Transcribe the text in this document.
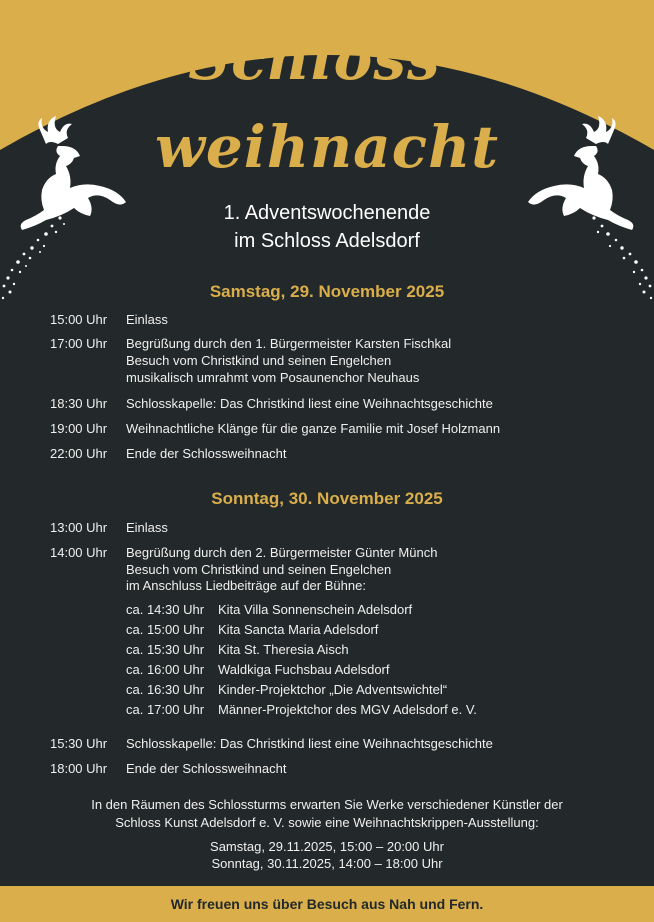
Schloss-
weihnacht
1. Adventswochenende
im Schloss Adelsdorf
Samstag, 29. November 2025
15:00 Uhr	Einlass
17:00 Uhr	Begrüßung durch den 1. Bürgermeister Karsten Fischkal
Besuch vom Christkind und seinen Engelchen
musikalisch umrahmt vom Posaunenchor Neuhaus
18:30 Uhr	Schlosskapelle: Das Christkind liest eine Weihnachtsgeschichte
19:00 Uhr	Weihnachtliche Klänge für die ganze Familie mit Josef Holzmann
22:00 Uhr	Ende der Schlossweihnacht
Sonntag, 30. November 2025
13:00 Uhr	Einlass
14:00 Uhr	Begrüßung durch den 2. Bürgermeister Günter Münch
Besuch vom Christkind und seinen Engelchen
im Anschluss Liedbeiträge auf der Bühne:
ca. 14:30 Uhr Kita Villa Sonnenschein Adelsdorf
ca. 15:00 Uhr Kita Sancta Maria Adelsdorf
ca. 15:30 Uhr Kita St. Theresia Aisch
ca. 16:00 Uhr Waldkiga Fuchsbau Adelsdorf
ca. 16:30 Uhr Kinder-Projektchor „Die Adventswichtel“
ca. 17:00 Uhr Männer-Projektchor des MGV Adelsdorf e. V.
15:30 Uhr	Schlosskapelle: Das Christkind liest eine Weihnachtsgeschichte
18:00 Uhr	Ende der Schlossweihnacht
In den Räumen des Schlossturms erwarten Sie Werke verschiedener Künstler der
Schloss Kunst Adelsdorf e. V. sowie eine Weihnachtskrippen-Ausstellung:
Samstag, 29.11.2025, 15:00 – 20:00 Uhr
Sonntag, 30.11.2025, 14:00 – 18:00 Uhr
Wir freuen uns über Besuch aus Nah und Fern.
